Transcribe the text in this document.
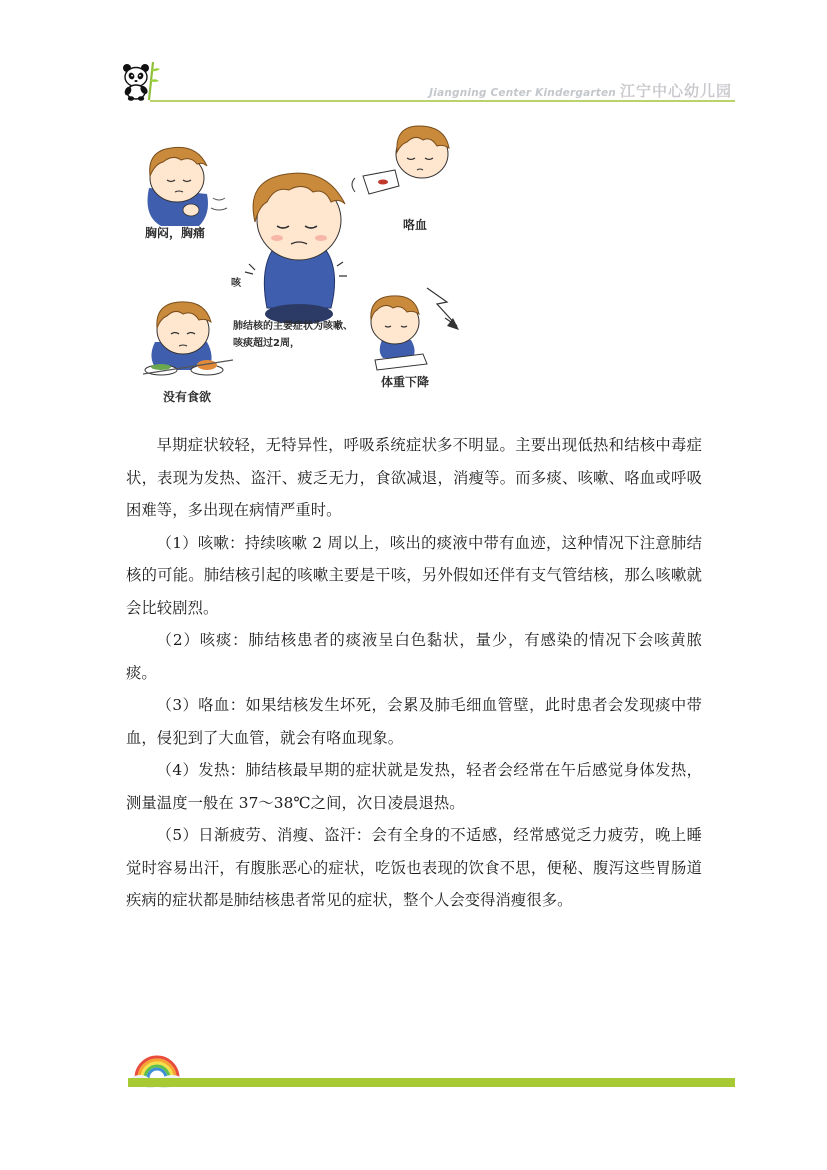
Jiangning Center Kindergarten 江宁中心幼儿园
胸闷，胸痛
咯血
咳
肺结核的主要症状为咳嗽、
咳痰超过2周，
没有食欲
体重下降

早期症状较轻，无特异性，呼吸系统症状多不明显。主要出现低热和结核中毒症状，表现为发热、盗汗、疲乏无力，食欲减退，消瘦等。而多痰、咳嗽、咯血或呼吸困难等，多出现在病情严重时。

（1）咳嗽：持续咳嗽 2 周以上，咳出的痰液中带有血迹，这种情况下注意肺结核的可能。肺结核引起的咳嗽主要是干咳，另外假如还伴有支气管结核，那么咳嗽就会比较剧烈。

（2）咳痰：肺结核患者的痰液呈白色黏状，量少，有感染的情况下会咳黄脓痰。

（3）咯血：如果结核发生坏死，会累及肺毛细血管壁，此时患者会发现痰中带血，侵犯到了大血管，就会有咯血现象。

（4）发热：肺结核最早期的症状就是发热，轻者会经常在午后感觉身体发热，测量温度一般在 37～38℃之间，次日凌晨退热。

（5）日渐疲劳、消瘦、盗汗：会有全身的不适感，经常感觉乏力疲劳，晚上睡觉时容易出汗，有腹胀恶心的症状，吃饭也表现的饮食不思，便秘、腹泻这些胃肠道疾病的症状都是肺结核患者常见的症状，整个人会变得消瘦很多。
